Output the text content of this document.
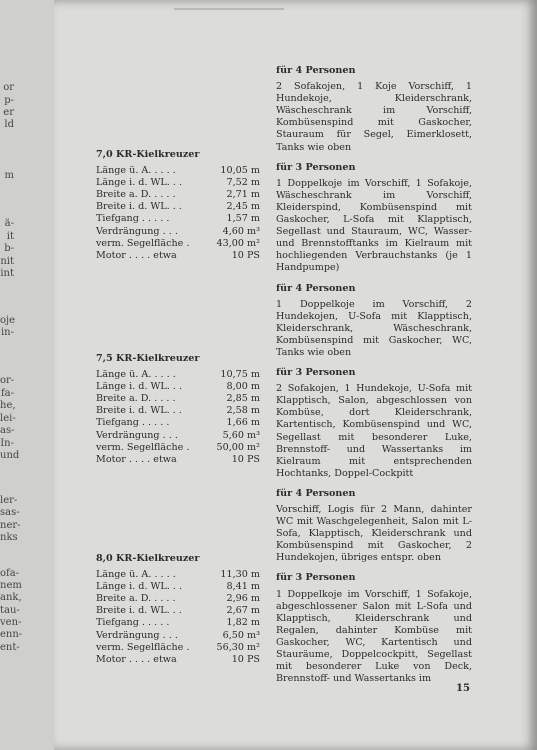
or
p-
er
ld
m
ä-
it
b-
nit
int
oje
in-
or-
fa-
he,
lei-
as-
In-
und
ler-
sas-
ner-
nks
ofa-
nem
ank,
tau-
ven-
enn-
ent-
7,0 KR-Kielkreuzer
Länge ü. A. . . . .	10,05 m
Länge i. d. WL. . .	7,52 m
Breite a. D. . . . .	2,71 m
Breite i. d. WL. . .	2,45 m
Tiefgang . . . . .	1,57 m
Verdrängung . . .	4,60 m³
verm. Segelfläche .	43,00 m²
Motor . . . . etwa	10 PS
7,5 KR-Kielkreuzer
Länge ü. A. . . . .	10,75 m
Länge i. d. WL. . .	8,00 m
Breite a. D. . . . .	2,85 m
Breite i. d. WL. . .	2,58 m
Tiefgang . . . . .	1,66 m
Verdrängung . . .	5,60 m³
verm. Segelfläche .	50,00 m²
Motor . . . . etwa	10 PS
8,0 KR-Kielkreuzer
Länge ü. A. . . . .	11,30 m
Länge i. d. WL. . .	8,41 m
Breite a. D. . . . .	2,96 m
Breite i. d. WL. . .	2,67 m
Tiefgang . . . . .	1,82 m
Verdrängung . . .	6,50 m³
verm. Segelfläche .	56,30 m²
Motor . . . . etwa	10 PS
für 4 Personen
2 Sofakojen, 1 Koje Vorschiff, 1 Hundekoje, Kleiderschrank, Wäscheschrank im Vorschiff, Kombüsenspind mit Gaskocher, Stauraum für Segel, Eimerklosett, Tanks wie oben
für 3 Personen
1 Doppelkoje im Vorschiff, 1 Sofakoje, Wäscheschrank im Vorschiff, Kleiderspind, Kombüsenspind mit Gaskocher, L-Sofa mit Klapptisch, Segellast und Stauraum, WC, Wasser- und Brennstofftanks im Kielraum mit hochliegenden Verbrauchstanks (je 1 Handpumpe)
für 4 Personen
1 Doppelkoje im Vorschiff, 2 Hundekojen, U-Sofa mit Klapptisch, Kleiderschrank, Wäscheschrank, Kombüsenspind mit Gaskocher, WC, Tanks wie oben
für 3 Personen
2 Sofakojen, 1 Hundekoje, U-Sofa mit Klapptisch, Salon, abgeschlossen von Kombüse, dort Kleiderschrank, Kartentisch, Kombüsenspind und WC, Segellast mit besonderer Luke, Brennstoff- und Wassertanks im Kielraum mit entsprechenden Hochtanks, Doppel-Cockpitt
für 4 Personen
Vorschiff, Logis für 2 Mann, dahinter WC mit Waschgelegenheit, Salon mit L-Sofa, Klapptisch, Kleiderschrank und Kombüsenspind mit Gaskocher, 2 Hundekojen, übriges entspr. oben
für 3 Personen
1 Doppelkoje im Vorschiff, 1 Sofakoje, abgeschlossener Salon mit L-Sofa und Klapptisch, Kleiderschrank und Regalen, dahinter Kombüse mit Gaskocher, WC, Kartentisch und Stauräume, Doppelcockpitt, Segellast mit besonderer Luke von Deck, Brennstoff- und Wassertanks im
15
